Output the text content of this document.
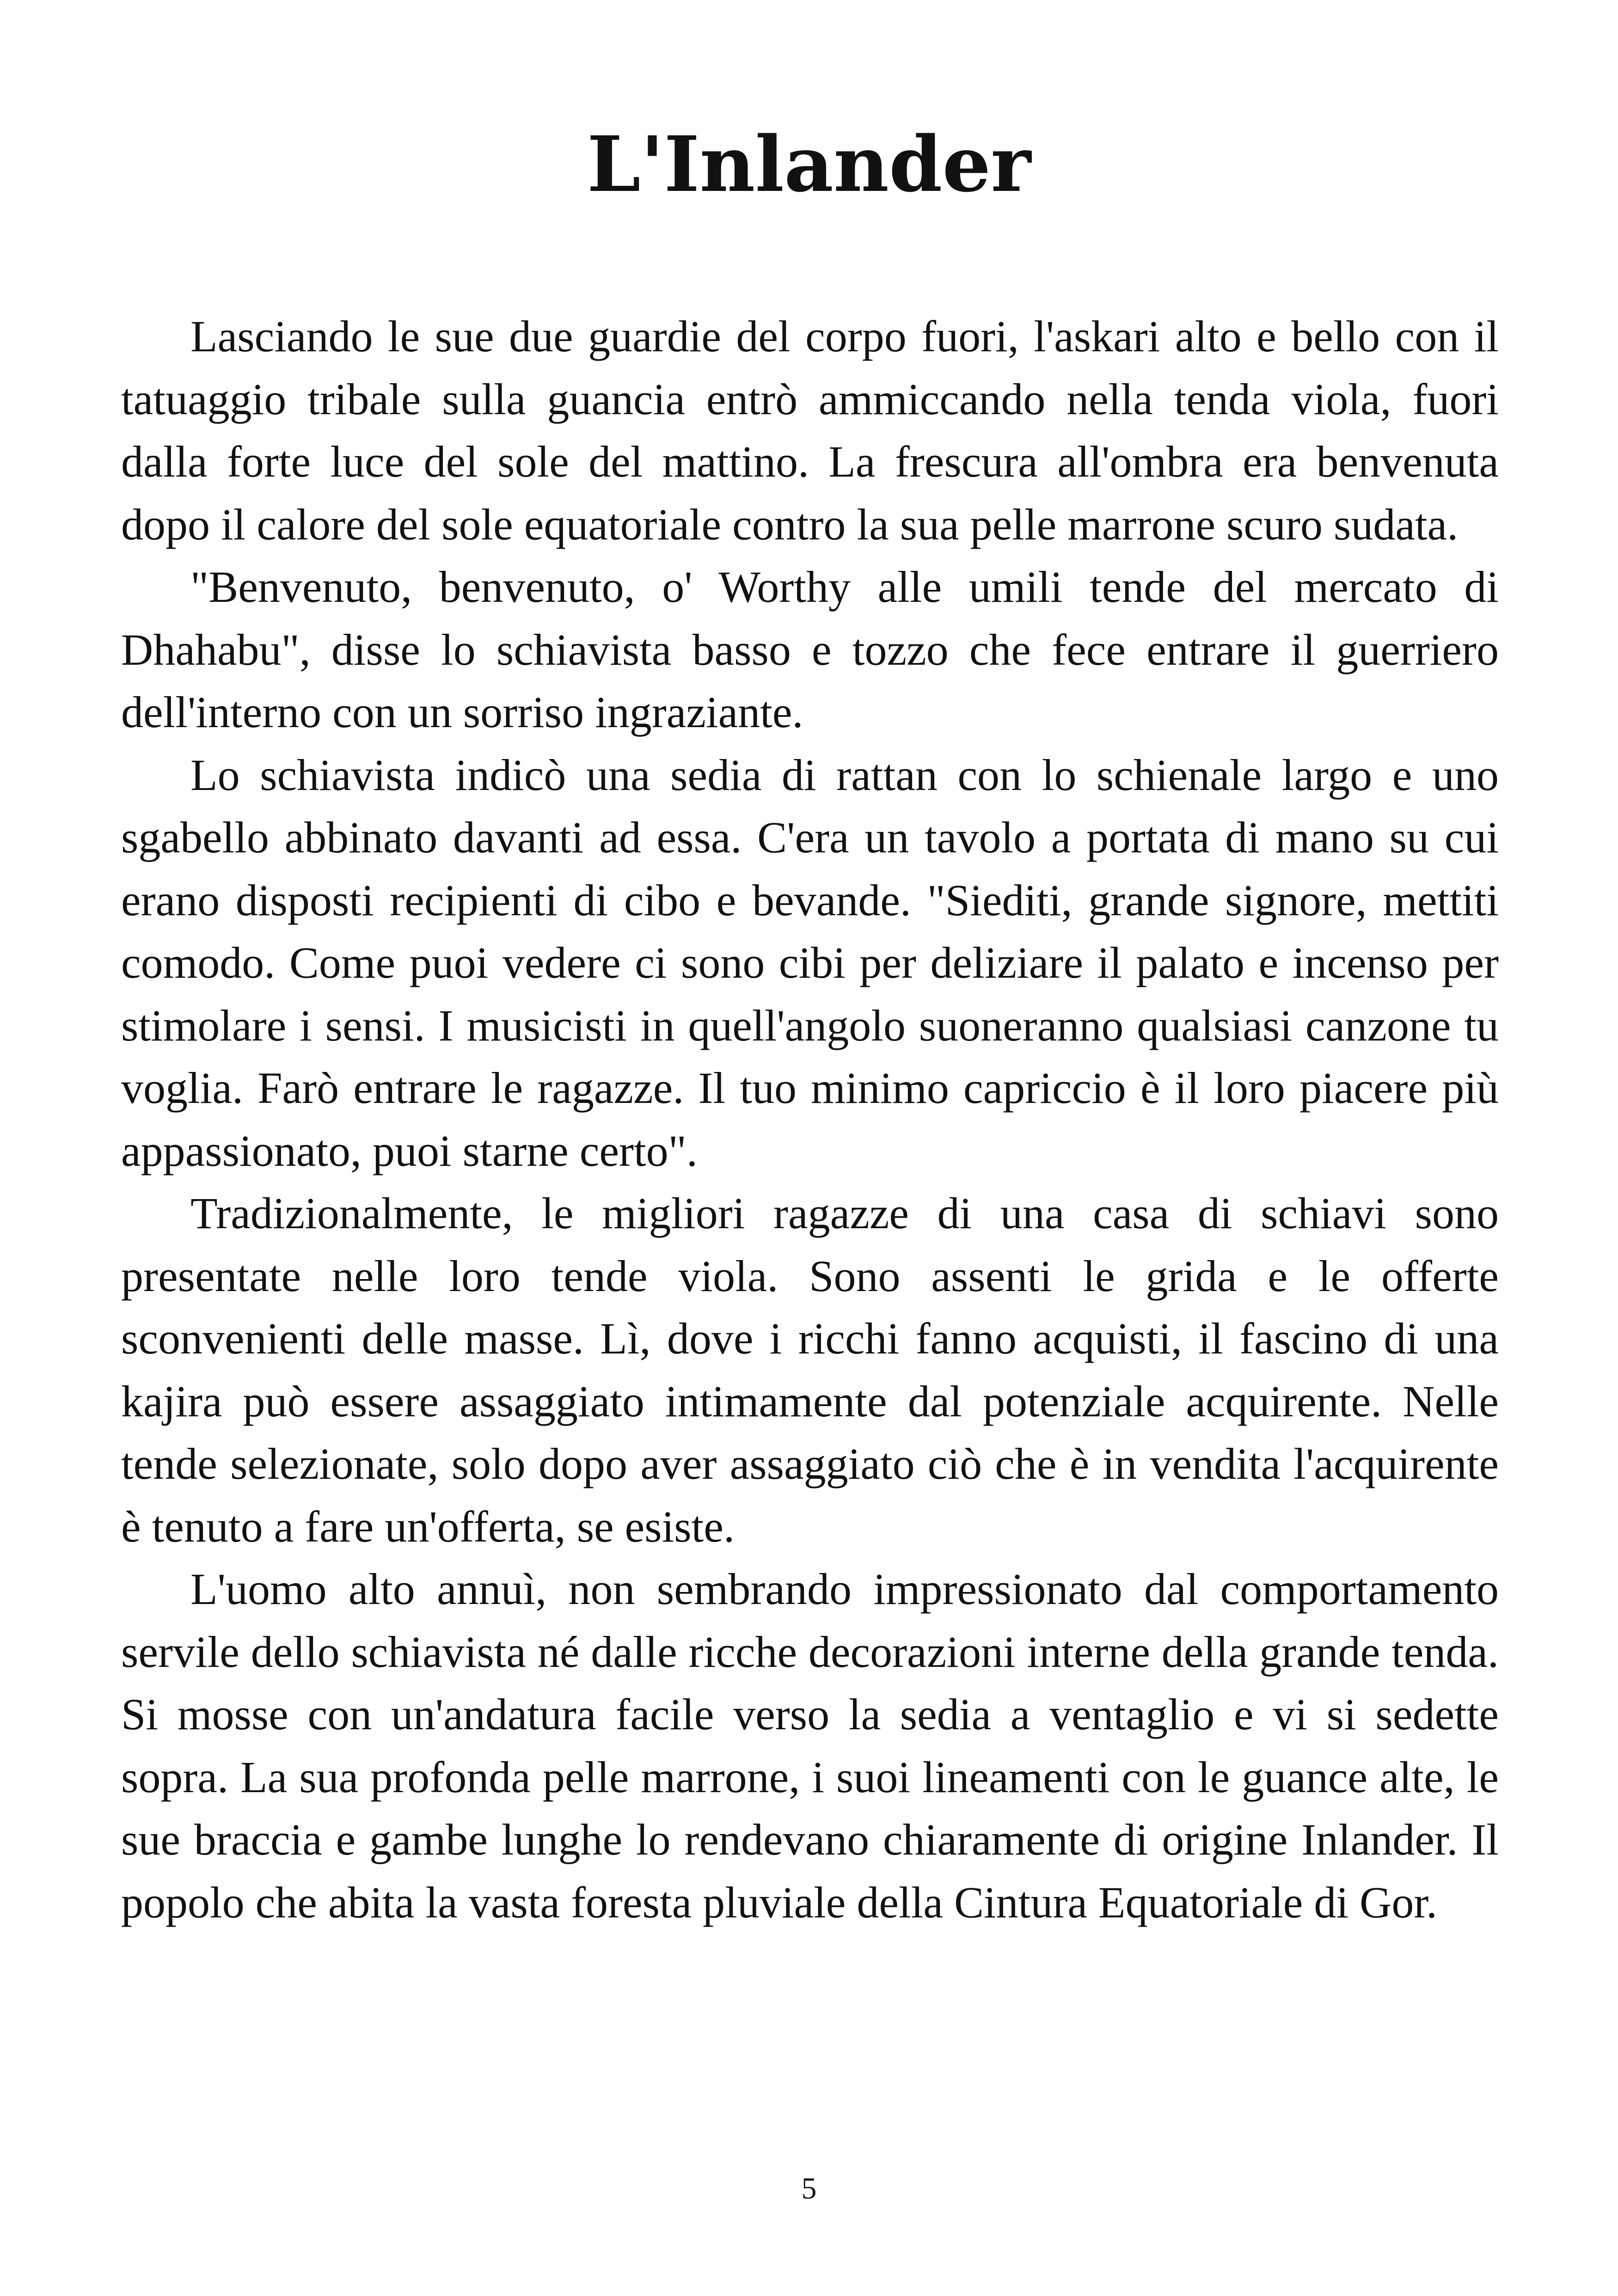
L'Inlander

Lasciando le sue due guardie del corpo fuori, l'askari alto e bello con il tatuaggio tribale sulla guancia entrò ammiccando nella tenda viola, fuori dalla forte luce del sole del mattino. La frescura all'ombra era benvenuta dopo il calore del sole equatoriale contro la sua pelle marrone scuro sudata.

"Benvenuto, benvenuto, o' Worthy alle umili tende del mercato di Dhahabu", disse lo schiavista basso e tozzo che fece entrare il guerriero dell'interno con un sorriso ingraziante.

Lo schiavista indicò una sedia di rattan con lo schienale largo e uno sgabello abbinato davanti ad essa. C'era un tavolo a portata di mano su cui erano disposti recipienti di cibo e bevande. "Siediti, grande signore, mettiti comodo. Come puoi vedere ci sono cibi per deliziare il palato e incenso per stimolare i sensi. I musicisti in quell'angolo suoneranno qualsiasi canzone tu voglia. Farò entrare le ragazze. Il tuo minimo capriccio è il loro piacere più appassionato, puoi starne certo".

Tradizionalmente, le migliori ragazze di una casa di schiavi sono presentate nelle loro tende viola. Sono assenti le grida e le offerte sconvenienti delle masse. Lì, dove i ricchi fanno acquisti, il fascino di una kajira può essere assaggiato intimamente dal potenziale acquirente. Nelle tende selezionate, solo dopo aver assaggiato ciò che è in vendita l'acquirente è tenuto a fare un'offerta, se esiste.

L'uomo alto annuì, non sembrando impressionato dal comportamento servile dello schiavista né dalle ricche decorazioni interne della grande tenda. Si mosse con un'andatura facile verso la sedia a ventaglio e vi si sedette sopra. La sua profonda pelle marrone, i suoi lineamenti con le guance alte, le sue braccia e gambe lunghe lo rendevano chiaramente di origine Inlander. Il popolo che abita la vasta foresta pluviale della Cintura Equatoriale di Gor.

5
